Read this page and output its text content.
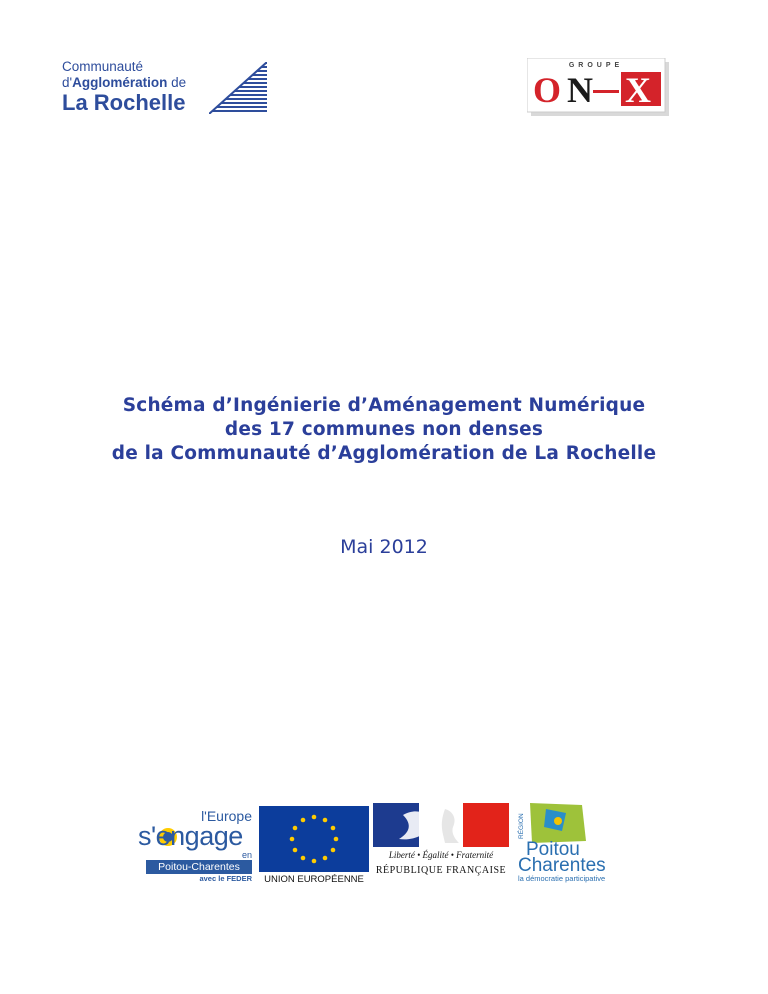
Communauté
d'Agglomération de
La Rochelle
GROUPE
O N X
Schéma d’Ingénierie d’Aménagement Numérique
des 17 communes non denses
de la Communauté d’Agglomération de La Rochelle
Mai 2012
l'Europe
s'engage
en
Poitou-Charentes
avec le FEDER	UNION EUROPÉENNE
Liberté • Égalité • Fraternité
RÉPUBLIQUE FRANÇAISE
RÉGION
Poitou
Charentes
la démocratie participative
